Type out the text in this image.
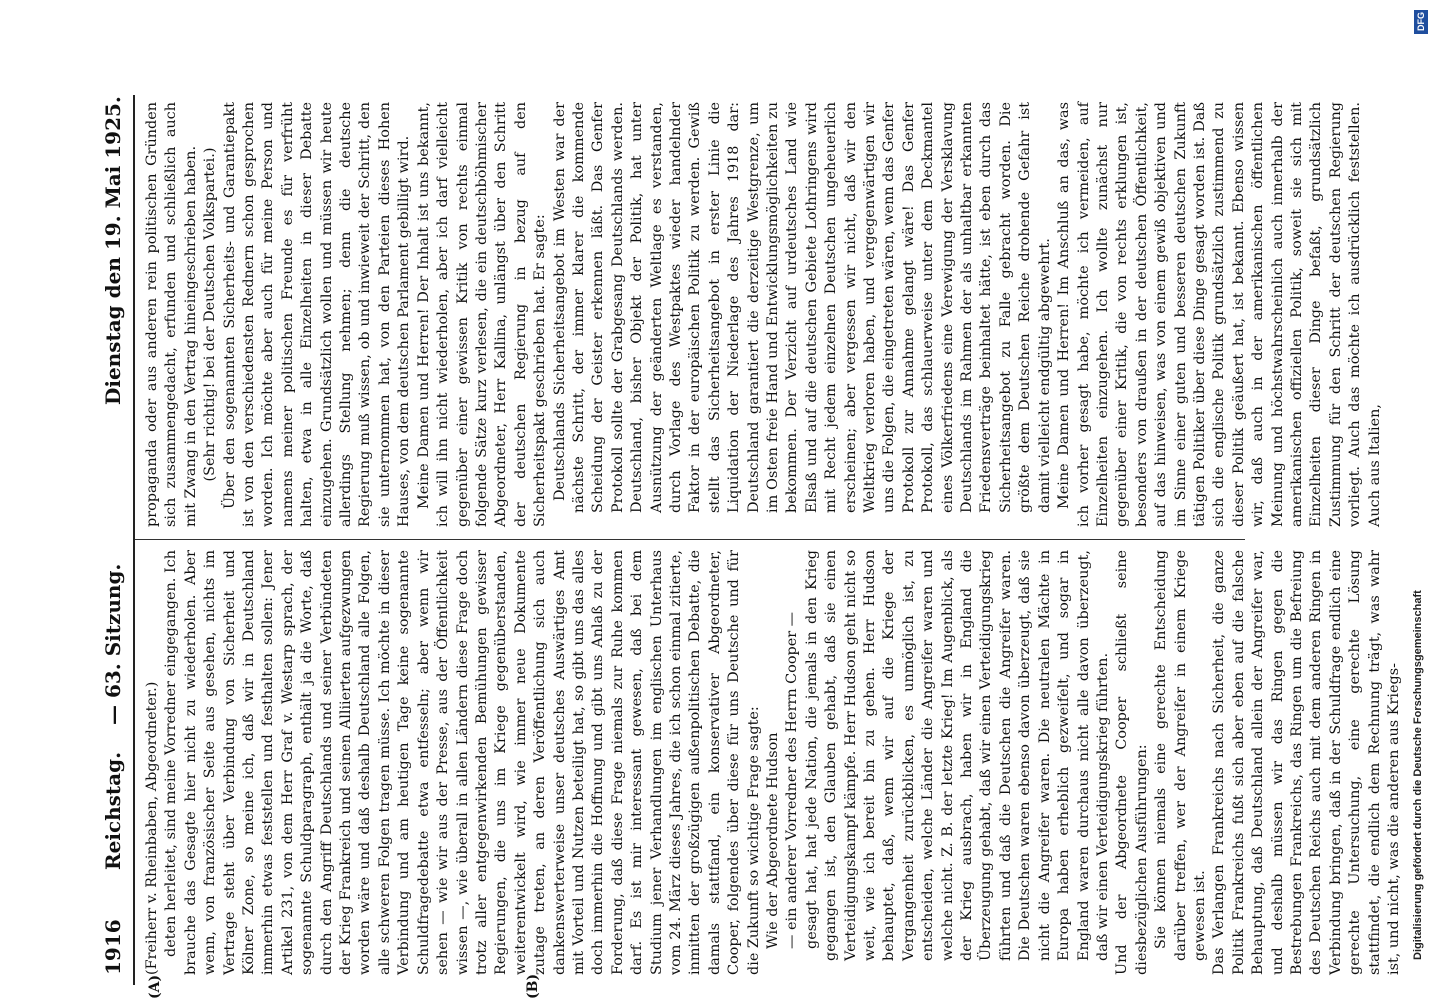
1916
Reichstag.
— 63. Sitzung.
Dienstag den 19. Mai 1925.

(Freiherr v. Rheinbaben, Abgeordneter.) deten herleitet, sind meine Vorredner eingegangen. Ich brauche das Gesagte hier nicht zu wiederholen. Aber wenn, von französischer Seite aus gesehen, nichts im Vertrage steht über Verbindung von Sicherheit und Kölner Zone, so meine ich, daß wir in Deutschland immerhin etwas feststellen und festhalten sollen: Jener Artikel 231, von dem Herr Graf v. Westarp sprach, der sogenannte Schuldparagraph, enthält ja die Worte, daß durch den Angriff Deutschlands und seiner Verbündeten der Krieg Frankreich und seinen Alliierten aufgezwungen worden wäre und daß deshalb Deutschland alle Folgen, alle schweren Folgen tragen müsse. Ich möchte in dieser Verbindung und am heutigen Tage keine sogenannte Schuldfragedebatte etwa entfesseln; aber wenn wir sehen — wie wir aus der Presse, aus der Öffentlichkeit wissen —, wie überall in allen Ländern diese Frage doch trotz aller entgegenwirkenden Bemühungen gewisser Regierungen, die uns im Kriege gegenüberstanden, weiterentwickelt wird, wie immer neue Dokumente zutage treten, an deren Veröffentlichung sich auch dankenswerterweise unser deutsches Auswärtiges Amt mit Vorteil und Nutzen beteiligt hat, so gibt uns das alles doch immerhin die Hoffnung und gibt uns Anlaß zu der Forderung, daß diese Frage niemals zur Ruhe kommen darf. Es ist mir interessant gewesen, daß bei dem Studium jener Verhandlungen im englischen Unterhaus vom 24. März dieses Jahres, die ich schon einmal zitierte, inmitten der großzügigen außenpolitischen Debatte, die damals stattfand, ein konservativer Abgeordneter, Cooper, folgendes über diese für uns Deutsche und für die Zukunft so wichtige Frage sagte: Wie der Abgeordnete Hudson — ein anderer Vorredner des Herrn Cooper — gesagt hat, hat jede Nation, die jemals in den Krieg gegangen ist, den Glauben gehabt, daß sie einen Verteidigungskampf kämpfe. Herr Hudson geht nicht so weit, wie ich bereit bin zu gehen. Herr Hudson behauptet, daß, wenn wir auf die Kriege der Vergangenheit zurückblicken, es unmöglich ist, zu entscheiden, welche Länder die Angreifer waren und welche nicht. Z. B. der letzte Krieg! Im Augenblick, als der Krieg ausbrach, haben wir in England die Überzeugung gehabt, daß wir einen Verteidigungskrieg führten und daß die Deutschen die Angreifer waren. Die Deutschen waren ebenso davon überzeugt, daß sie nicht die Angreifer waren. Die neutralen Mächte in Europa haben erheblich gezweifelt, und sogar in England waren durchaus nicht alle davon überzeugt, daß wir einen Verteidigungskrieg führten. Und der Abgeordnete Cooper schließt seine diesbezüglichen Ausführungen: Sie können niemals eine gerechte Entscheidung darüber treffen, wer der Angreifer in einem Kriege gewesen ist. Das Verlangen Frankreichs nach Sicherheit, die ganze Politik Frankreichs fußt sich aber eben auf die falsche Behauptung, daß Deutschland allein der Angreifer war, und deshalb müssen wir das Ringen gegen die Bestrebungen Frankreichs, das Ringen um die Befreiung des Deutschen Reichs auch mit dem anderen Ringen in Verbindung bringen, daß in der Schuldfrage endlich eine gerechte Untersuchung, eine gerechte Lösung stattfindet, die endlich dem Rechnung trägt, was wahr ist, und nicht, was die anderen aus Kriegs-

propaganda oder aus anderen rein politischen Gründen sich zusammengedacht, erfunden und schließlich auch mit Zwang in den Vertrag hineingeschrieben haben. (Sehr richtig! bei der Deutschen Volkspartei.) Über den sogenannten Sicherheits- und Garantiepakt ist von den verschiedensten Rednern schon gesprochen worden. Ich möchte aber auch für meine Person und namens meiner politischen Freunde es für verfrüht halten, etwa in alle Einzelheiten in dieser Debatte einzugehen. Grundsätzlich wollen und müssen wir heute allerdings Stellung nehmen; denn die deutsche Regierung muß wissen, ob und inwieweit der Schritt, den sie unternommen hat, von den Parteien dieses Hohen Hauses, von dem deutschen Parlament gebilligt wird. Meine Damen und Herren! Der Inhalt ist uns bekannt, ich will ihn nicht wiederholen, aber ich darf vielleicht gegenüber einer gewissen Kritik von rechts einmal folgende Sätze kurz verlesen, die ein deutschböhmischer Abgeordneter, Herr Kallina, unlängst über den Schritt der deutschen Regierung in bezug auf den Sicherheitspakt geschrieben hat. Er sagte: Deutschlands Sicherheitsangebot im Westen war der nächste Schritt, der immer klarer die kommende Scheidung der Geister erkennen läßt. Das Genfer Protokoll sollte der Grabgesang Deutschlands werden. Deutschland, bisher Objekt der Politik, hat unter Ausnützung der geänderten Weltlage es verstanden, durch Vorlage des Westpaktes wieder handelnder Faktor in der europäischen Politik zu werden. Gewiß stellt das Sicherheitsangebot in erster Linie die Liquidation der Niederlage des Jahres 1918 dar: Deutschland garantiert die derzeitige Westgrenze, um im Osten freie Hand und Entwicklungsmöglichkeiten zu bekommen. Der Verzicht auf urdeutsches Land wie Elsaß und auf die deutschen Gebiete Lothringens wird mit Recht jedem einzelnen Deutschen ungeheuerlich erscheinen; aber vergessen wir nicht, daß wir den Weltkrieg verloren haben, und vergegenwärtigen wir uns die Folgen, die eingetreten wären, wenn das Genfer Protokoll zur Annahme gelangt wäre! Das Genfer Protokoll, das schlauerweise unter dem Deckmantel eines Völkerfriedens eine Verewigung der Versklavung Deutschlands im Rahmen der als unhaltbar erkannten Friedensverträge beinhaltet hätte, ist eben durch das Sicherheitsangebot zu Falle gebracht worden. Die größte dem Deutschen Reiche drohende Gefahr ist damit vielleicht endgültig abgewehrt. Meine Damen und Herren! Im Anschluß an das, was ich vorher gesagt habe, möchte ich vermeiden, auf Einzelheiten einzugehen. Ich wollte zunächst nur gegenüber einer Kritik, die von rechts erklungen ist, besonders von draußen in der deutschen Öffentlichkeit, auf das hinweisen, was von einem gewiß objektiven und im Sinne einer guten und besseren deutschen Zukunft tätigen Politiker über diese Dinge gesagt worden ist. Daß sich die englische Politik grundsätzlich zustimmend zu dieser Politik geäußert hat, ist bekannt. Ebenso wissen wir, daß auch in der amerikanischen öffentlichen Meinung und höchstwahrscheinlich auch innerhalb der amerikanischen offiziellen Politik, soweit sie sich mit Einzelheiten dieser Dinge befaßt, grundsätzlich Zustimmung für den Schritt der deutschen Regierung vorliegt. Auch das möchte ich ausdrücklich feststellen. Auch aus Italien,

(A)	(B)
DFG
Digitalisierung gefördert durch die Deutsche Forschungsgemeinschaft
